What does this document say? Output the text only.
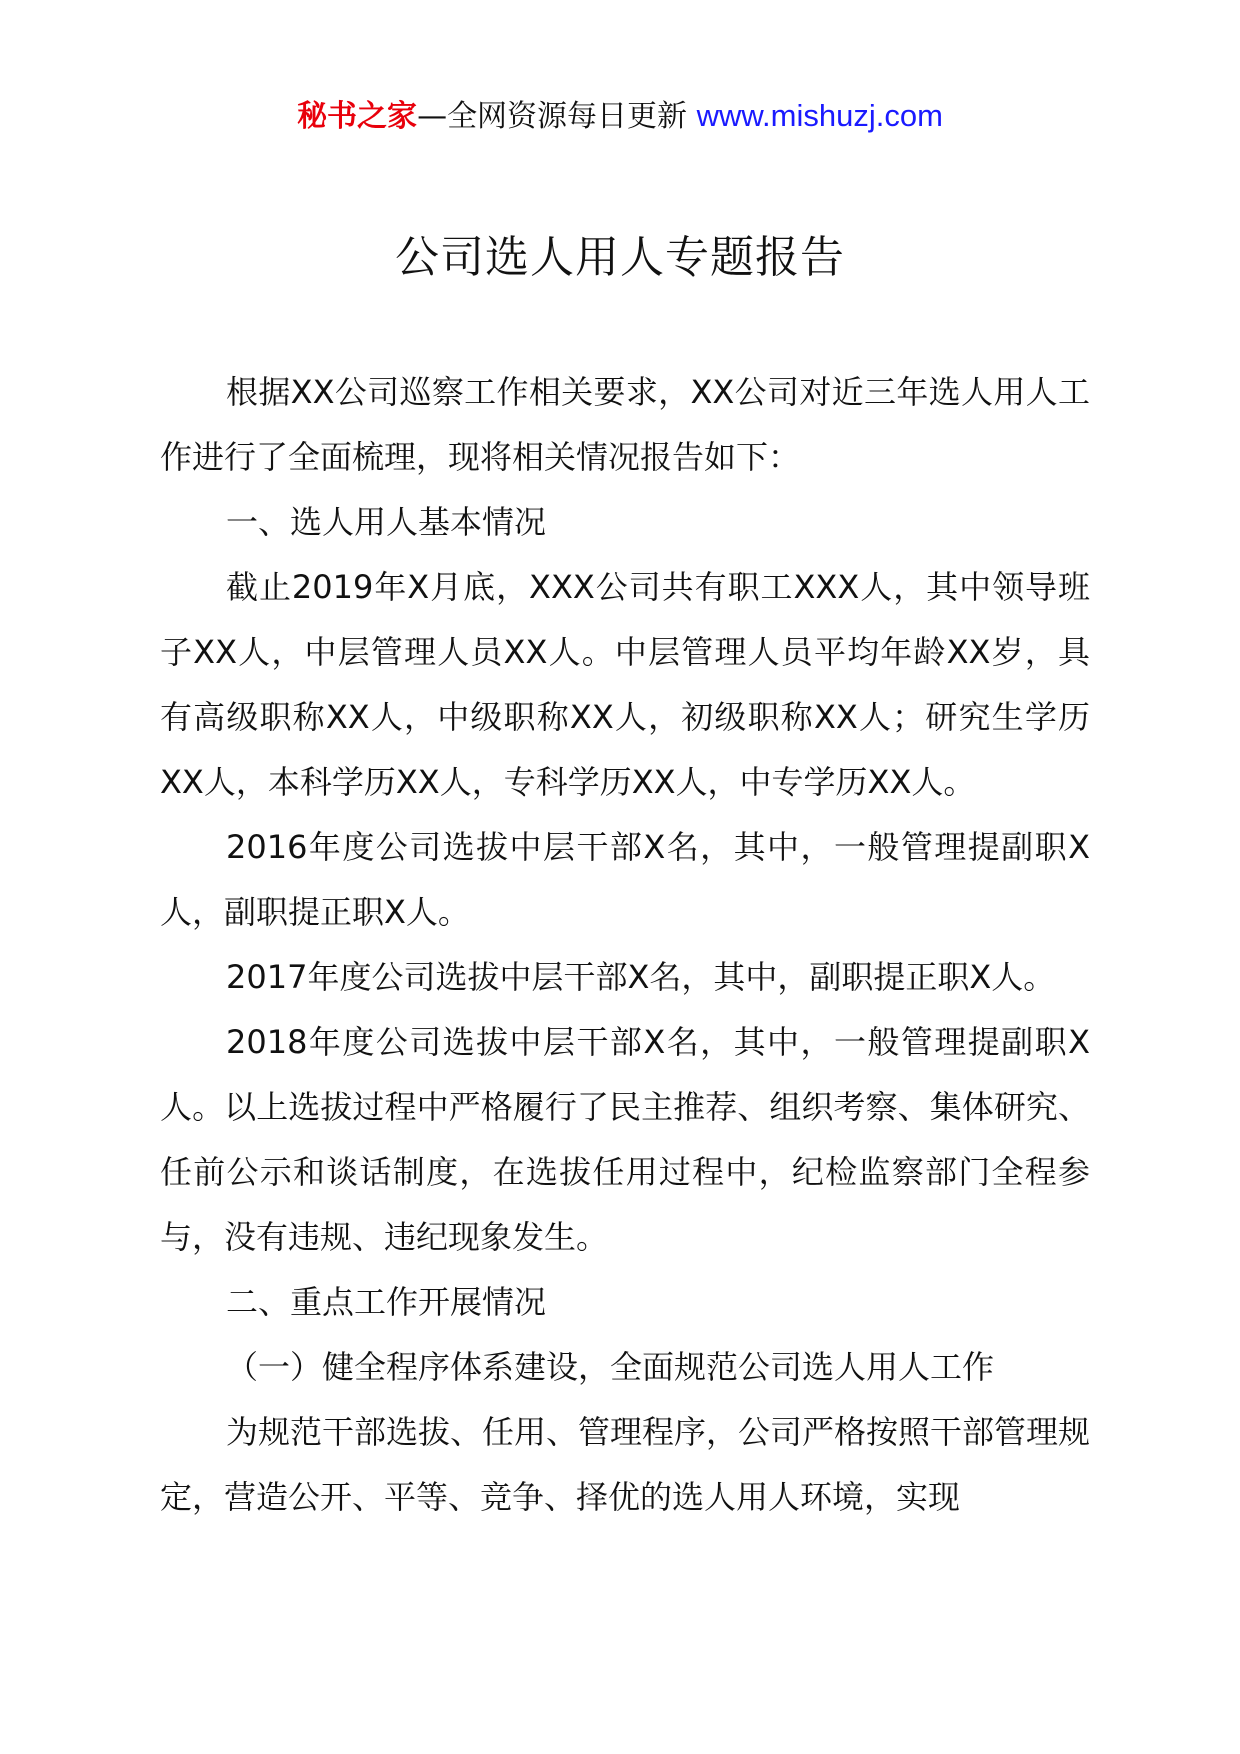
秘书之家—全网资源每日更新 www.mishuzj.com
公司选人用人专题报告

根据XX公司巡察工作相关要求，XX公司对近三年选人用人工作进行了全面梳理，现将相关情况报告如下：

一、选人用人基本情况

截止2019年X月底，XXX公司共有职工XXX人，其中领导班子XX人，中层管理人员XX人。中层管理人员平均年龄XX岁，具有高级职称XX人，中级职称XX人，初级职称XX人；研究生学历XX人，本科学历XX人，专科学历XX人，中专学历XX人。

2016年度公司选拔中层干部X名，其中，一般管理提副职X人，副职提正职X人。

2017年度公司选拔中层干部X名，其中，副职提正职X人。

2018年度公司选拔中层干部X名，其中，一般管理提副职X人。以上选拔过程中严格履行了民主推荐、组织考察、集体研究、任前公示和谈话制度，在选拔任用过程中，纪检监察部门全程参与，没有违规、违纪现象发生。

二、重点工作开展情况

（一）健全程序体系建设，全面规范公司选人用人工作

为规范干部选拔、任用、管理程序，公司严格按照干部管理规定，营造公开、平等、竞争、择优的选人用人环境，实现
